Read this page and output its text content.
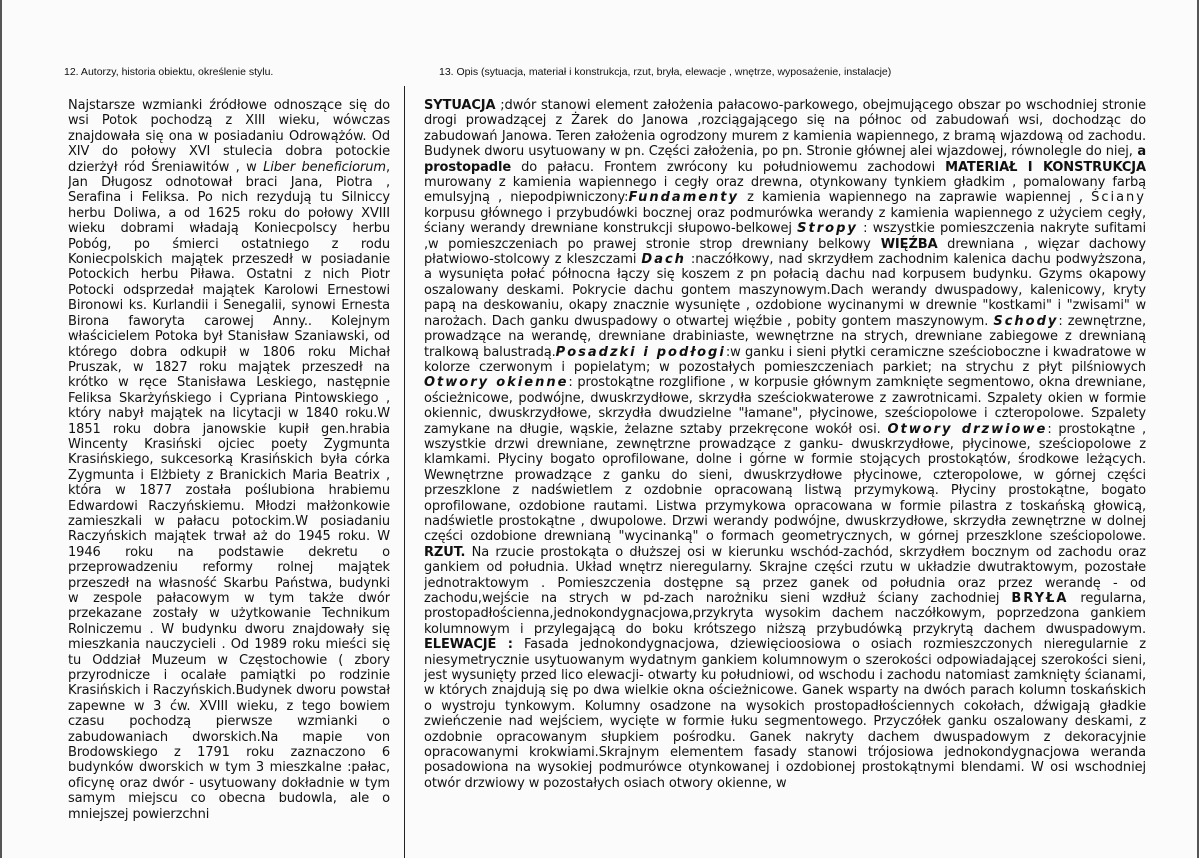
12. Autorzy, historia obiektu, określenie stylu.	13. Opis (sytuacja, materiał i konstrukcja, rzut, bryła, elewacje , wnętrze, wyposażenie, instalacje)

Najstarsze wzmianki źródłowe odnoszące się do wsi Potok pochodzą z XIII wieku, wówczas znajdowała się ona w posiadaniu Odrowążów. Od XIV do połowy XVI stulecia dobra potockie dzierżył ród Śreniawitów , w Liber beneficiorum, Jan Długosz odnotował braci Jana, Piotra , Serafina i Feliksa. Po nich rezydują tu Silniccy herbu Doliwa, a od 1625 roku do połowy XVIII wieku dobrami władają Koniecpolscy herbu Pobóg, po śmierci ostatniego z rodu Koniecpolskich majątek przeszedł w posiadanie Potockich herbu Piława. Ostatni z nich Piotr Potocki odsprzedał majątek Karolowi Ernestowi Bironowi ks. Kurlandii i Senegalii, synowi Ernesta Birona faworyta carowej Anny.. Kolejnym właścicielem Potoka był Stanisław Szaniawski, od którego dobra odkupił w 1806 roku Michał Pruszak, w 1827 roku majątek przeszedł na krótko w ręce Stanisława Leskiego, następnie Feliksa Skarżyńskiego i Cypriana Pintowskiego , który nabył majątek na licytacji w 1840 roku.W 1851 roku dobra janowskie kupił gen.hrabia Wincenty Krasiński ojciec poety Zygmunta Krasińskiego, sukcesorką Krasińskich była córka Zygmunta i Elżbiety z Branickich Maria Beatrix , która w 1877 została poślubiona hrabiemu Edwardowi Raczyńskiemu. Młodzi małżonkowie zamieszkali w pałacu potockim.W posiadaniu Raczyńskich majątek trwał aż do 1945 roku. W 1946 roku na podstawie dekretu o przeprowadzeniu reformy rolnej majątek przeszedł na własność Skarbu Państwa, budynki w zespole pałacowym w tym także dwór przekazane zostały w użytkowanie Technikum Rolniczemu . W budynku dworu znajdowały się mieszkania nauczycieli . Od 1989 roku mieści się tu Oddział Muzeum w Częstochowie ( zbory przyrodnicze i ocalałe pamiątki po rodzinie Krasińskich i Raczyńskich.Budynek dworu powstał zapewne w 3 ćw. XVIII wieku, z tego bowiem czasu pochodzą pierwsze wzmianki o zabudowaniach dworskich.Na mapie von Brodowskiego z 1791 roku zaznaczono 6 budynków dworskich w tym 3 mieszkalne :pałac, oficynę oraz dwór - usytuowany dokładnie w tym samym miejscu co obecna budowla, ale o mniejszej powierzchni

SYTUACJA ;dwór stanowi element założenia pałacowo-parkowego, obejmującego obszar po wschodniej stronie drogi prowadzącej z Żarek do Janowa ,rozciągającego się na północ od zabudowań wsi, dochodząc do zabudowań Janowa. Teren założenia ogrodzony murem z kamienia wapiennego, z bramą wjazdową od zachodu. Budynek dworu usytuowany w pn. Części założenia, po pn. Stronie głównej alei wjazdowej, równolegle do niej, a prostopadle do pałacu. Frontem zwrócony ku południowemu zachodowi MATERIAŁ I KONSTRUKCJA murowany z kamienia wapiennego i cegły oraz drewna, otynkowany tynkiem gładkim , pomalowany farbą emulsyjną , niepodpiwniczony:Fundamenty z kamienia wapiennego na zaprawie wapiennej , Ściany korpusu głównego i przybudówki bocznej oraz podmurówka werandy z kamienia wapiennego z użyciem cegły, ściany werandy drewniane konstrukcji słupowo-belkowej Stropy : wszystkie pomieszczenia nakryte sufitami ,w pomieszczeniach po prawej stronie strop drewniany belkowy WIĘŹBA drewniana , więzar dachowy płatwiowo-stolcowy z kleszczami Dach :naczółkowy, nad skrzydłem zachodnim kalenica dachu podwyższona, a wysunięta połać północna łączy się koszem z pn połacią dachu nad korpusem budynku. Gzyms okapowy oszalowany deskami. Pokrycie dachu gontem maszynowym.Dach werandy dwuspadowy, kalenicowy, kryty papą na deskowaniu, okapy znacznie wysunięte , ozdobione wycinanymi w drewnie "kostkami" i "zwisami" w narożach. Dach ganku dwuspadowy o otwartej więźbie , pobity gontem maszynowym. Schody: zewnętrzne, prowadzące na werandę, drewniane drabiniaste, wewnętrzne na strych, drewniane zabiegowe z drewnianą tralkową balustradą.Posadzki i podłogi:w ganku i sieni płytki ceramiczne sześcioboczne i kwadratowe w kolorze czerwonym i popielatym; w pozostałych pomieszczeniach parkiet; na strychu z płyt pilśniowych Otwory okienne: prostokątne rozglifione , w korpusie głównym zamknięte segmentowo, okna drewniane, ościeżnicowe, podwójne, dwuskrzydłowe, skrzydła sześciokwaterowe z zawrotnicami. Szpalety okien w formie okiennic, dwuskrzydłowe, skrzydła dwudzielne "łamane", płycinowe, sześciopolowe i czteropolowe. Szpalety zamykane na długie, wąskie, żelazne sztaby przekręcone wokół osi. Otwory drzwiowe: prostokątne , wszystkie drzwi drewniane, zewnętrzne prowadzące z ganku- dwuskrzydłowe, płycinowe, sześciopolowe z klamkami. Płyciny bogato oprofilowane, dolne i górne w formie stojących prostokątów, środkowe leżących. Wewnętrzne prowadzące z ganku do sieni, dwuskrzydłowe płycinowe, czteropolowe, w górnej części przeszklone z nadświetlem z ozdobnie opracowaną listwą przymykową. Płyciny prostokątne, bogato oprofilowane, ozdobione rautami. Listwa przymykowa opracowana w formie pilastra z toskańską głowicą, nadświetle prostokątne , dwupolowe. Drzwi werandy podwójne, dwuskrzydłowe, skrzydła zewnętrzne w dolnej części ozdobione drewnianą "wycinanką" o formach geometrycznych, w górnej przeszklone sześciopolowe. RZUT. Na rzucie prostokąta o dłuższej osi w kierunku wschód-zachód, skrzydłem bocznym od zachodu oraz gankiem od południa. Układ wnętrz nieregularny. Skrajne części rzutu w układzie dwutraktowym, pozostałe jednotraktowym . Pomieszczenia dostępne są przez ganek od południa oraz przez werandę - od zachodu,wejście na strych w pd-zach narożniku sieni wzdłuż ściany zachodniej BRYŁA regularna, prostopadłościenna,jednokondygnacjowa,przykryta wysokim dachem naczółkowym, poprzedzona gankiem kolumnowym i przylegającą do boku krótszego niższą przybudówką przykrytą dachem dwuspadowym. ELEWACJE : Fasada jednokondygnacjowa, dziewięcioosiowa o osiach rozmieszczonych nieregularnie z niesymetrycznie usytuowanym wydatnym gankiem kolumnowym o szerokości odpowiadającej szerokości sieni, jest wysunięty przed lico elewacji- otwarty ku południowi, od wschodu i zachodu natomiast zamknięty ścianami, w których znajdują się po dwa wielkie okna ościeżnicowe. Ganek wsparty na dwóch parach kolumn toskańskich o wystroju tynkowym. Kolumny osadzone na wysokich prostopadłościennych cokołach, dźwigają gładkie zwieńczenie nad wejściem, wycięte w formie łuku segmentowego. Przyczółek ganku oszalowany deskami, z ozdobnie opracowanym słupkiem pośrodku. Ganek nakryty dachem dwuspadowym z dekoracyjnie opracowanymi krokwiami.Skrajnym elementem fasady stanowi trójosiowa jednokondygnacjowa weranda posadowiona na wysokiej podmurówce otynkowanej i ozdobionej prostokątnymi blendami. W osi wschodniej otwór drzwiowy w pozostałych osiach otwory okienne, w
